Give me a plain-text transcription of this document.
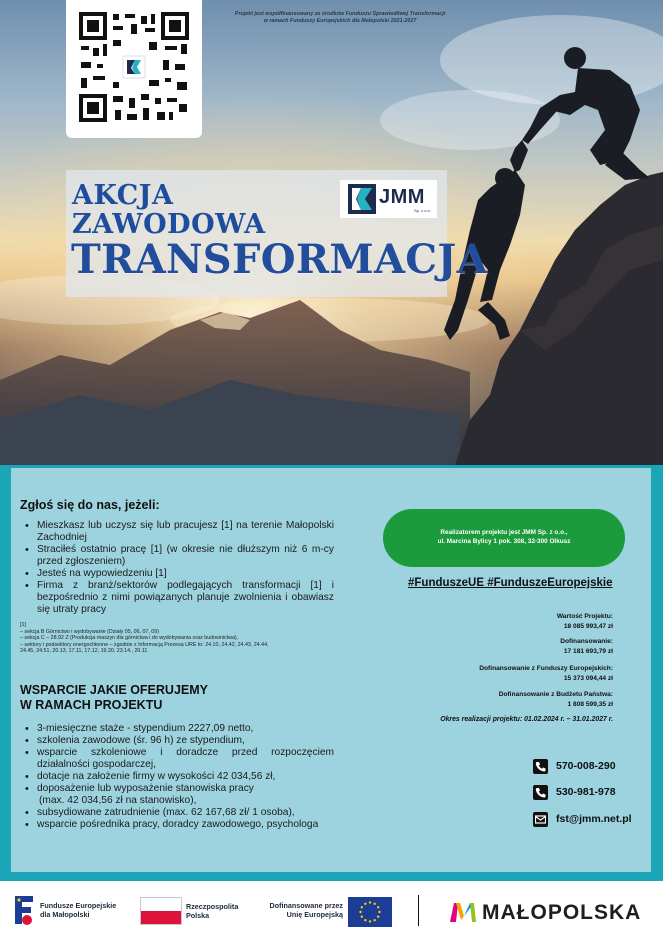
Projekt jest współfinansowany ze środków Funduszu Sprawiedliwej Transformacji
w ramach Funduszy Europejskich dla Małopolski 2021-2027
AKCJA
ZAWODOWA
TRANSFORMACJA
JMM
Sp. z o.o.
Zgłoś się do nas, jeżeli:
• Mieszkasz lub uczysz się lub pracujesz [1] na terenie Małopolski Zachodniej
• Straciłeś ostatnio pracę [1] (w okresie nie dłuższym niż 6 m-cy przed zgłoszeniem)
• Jesteś na wypowiedzeniu [1]
• Firma z branż/sektorów podlegających transformacji [1] i bezpośrednio z nimi powiązanych planuje zwolnienia i obawiasz się utraty pracy
[1]
– sekcja B Górnictwo i wydobywanie (Działy 05, 06, 07, 09)
– sekcja C – 28.92 Z (Produkcja maszyn dla górnictwa i do wydobywania oraz budownictwa),
– sektory i podsektory energochłonne – zgodnie z Informacją Prezesa URE to: 24.10, 24.42, 24.43, 24.44,
24.45, 24.51, 20.13, 17.11, 17.12, 19.20, 23.14., 20.11
WSPARCIE JAKIE OFERUJEMY
W RAMACH PROJEKTU
• 3-miesięczne staże - stypendium 2227,09 netto,
• szkolenia zawodowe (śr. 96 h) ze stypendium,
• wsparcie szkoleniowe i doradcze przed rozpoczęciem działalności gospodarczej,
• dotacje na założenie firmy w wysokości 42 034,56 zł,
• doposażenie lub wyposażenie stanowiska pracy
(max. 42 034,56 zł na stanowisko),
• subsydiowane zatrudnienie (max. 62 167,68 zł/ 1 osoba),
• wsparcie pośrednika pracy, doradcy zawodowego, psychologa
Realizatorem projektu jest JMM Sp. z o.o.,
ul. Marcina Bylicy 1 pok. 308, 32-300 Olkusz
#FunduszeUE #FunduszeEuropejskie
Wartość Projektu:
18 085 993,47 zł
Dofinansowanie:
17 181 693,79 zł
Dofinansowanie z Funduszy Europejskich:
15 373 094,44 zł
Dofinansowanie z Budżetu Państwa:
1 808 599,35 zł
Okres realizacji projektu: 01.02.2024 r. – 31.01.2027 r.
570-008-290
530-981-978
fst@jmm.net.pl
Fundusze Europejskie
dla Małopolski
Rzeczpospolita
Polska
Dofinansowane przez
Unię Europejską	MAŁOPOLSKA
